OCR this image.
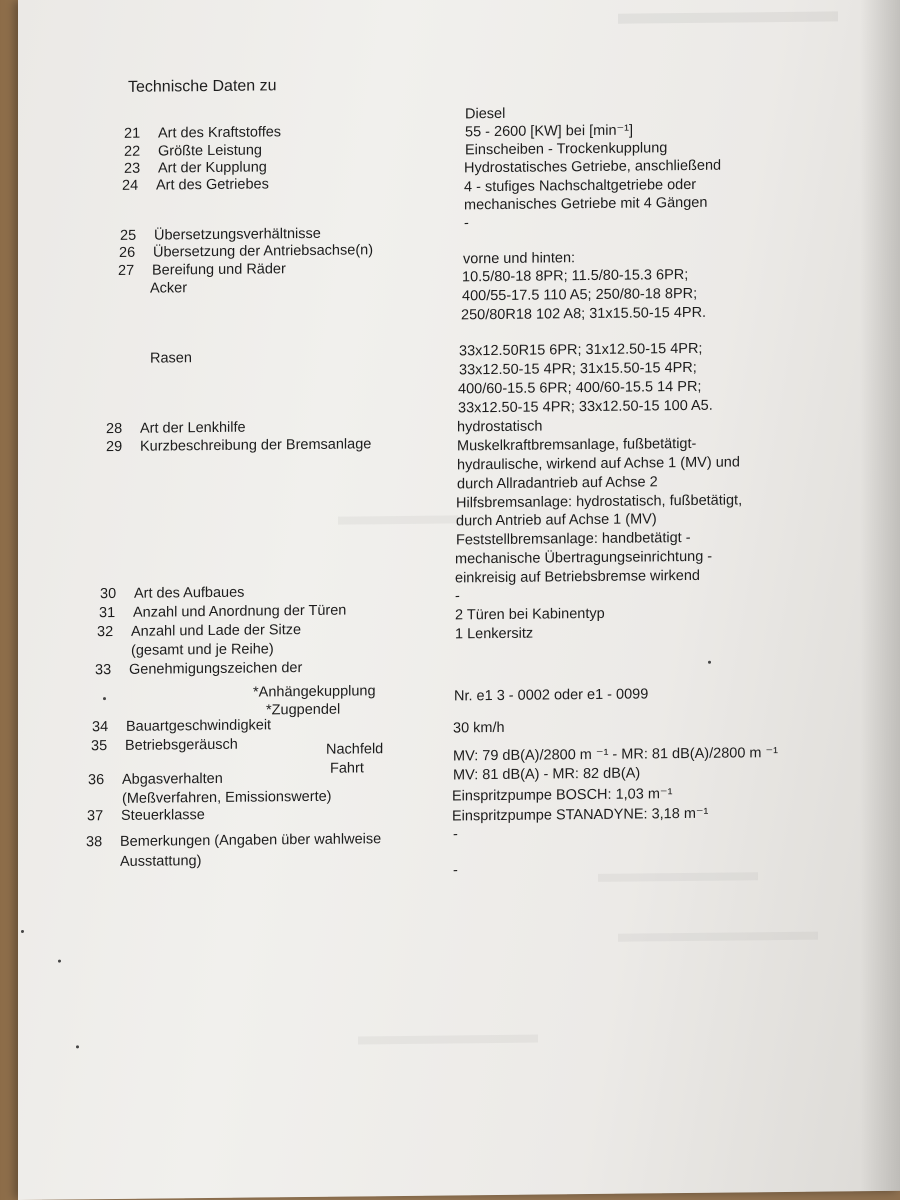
Technische Daten zu
21 Art des Kraftstoffes
22 Größte Leistung
23 Art der Kupplung
24 Art des Getriebes
25 Übersetzungsverhältnisse
26 Übersetzung der Antriebsachse(n)
27 Bereifung und Räder
Acker
Rasen
28 Art der Lenkhilfe
29 Kurzbeschreibung der Bremsanlage
30 Art des Aufbaues
31 Anzahl und Anordnung der Türen
32 Anzahl und Lade der Sitze
(gesamt und je Reihe)
33 Genehmigungszeichen der
*Anhängekupplung
*Zugpendel
34 Bauartgeschwindigkeit
35 Betriebsgeräusch	Nachfeld
Fahrt
36 Abgasverhalten
(Meßverfahren, Emissionswerte)
37 Steuerklasse
38 Bemerkungen (Angaben über wahlweise
Ausstattung)
Diesel
55 - 2600 [KW] bei [min⁻¹]
Einscheiben - Trockenkupplung
Hydrostatisches Getriebe, anschließend
4 - stufiges Nachschaltgetriebe oder
mechanisches Getriebe mit 4 Gängen
-
vorne und hinten:
10.5/80-18 8PR; 11.5/80-15.3 6PR;
400/55-17.5 110 A5; 250/80-18 8PR;
250/80R18 102 A8; 31x15.50-15 4PR.
33x12.50R15 6PR; 31x12.50-15 4PR;
33x12.50-15 4PR; 31x15.50-15 4PR;
400/60-15.5 6PR; 400/60-15.5 14 PR;
33x12.50-15 4PR; 33x12.50-15 100 A5.
hydrostatisch
Muskelkraftbremsanlage, fußbetätigt-
hydraulische, wirkend auf Achse 1 (MV) und
durch Allradantrieb auf Achse 2
Hilfsbremsanlage: hydrostatisch, fußbetätigt,
durch Antrieb auf Achse 1 (MV)
Feststellbremsanlage: handbetätigt -
mechanische Übertragungseinrichtung -
einkreisig auf Betriebsbremse wirkend
-
2 Türen bei Kabinentyp
1 Lenkersitz
Nr. e1 3 - 0002 oder e1 - 0099
30 km/h
MV: 79 dB(A)/2800 m ⁻¹ - MR: 81 dB(A)/2800 m ⁻¹
MV: 81 dB(A) - MR: 82 dB(A)
Einspritzpumpe BOSCH: 1,03 m⁻¹
Einspritzpumpe STANADYNE: 3,18 m⁻¹
-
-
